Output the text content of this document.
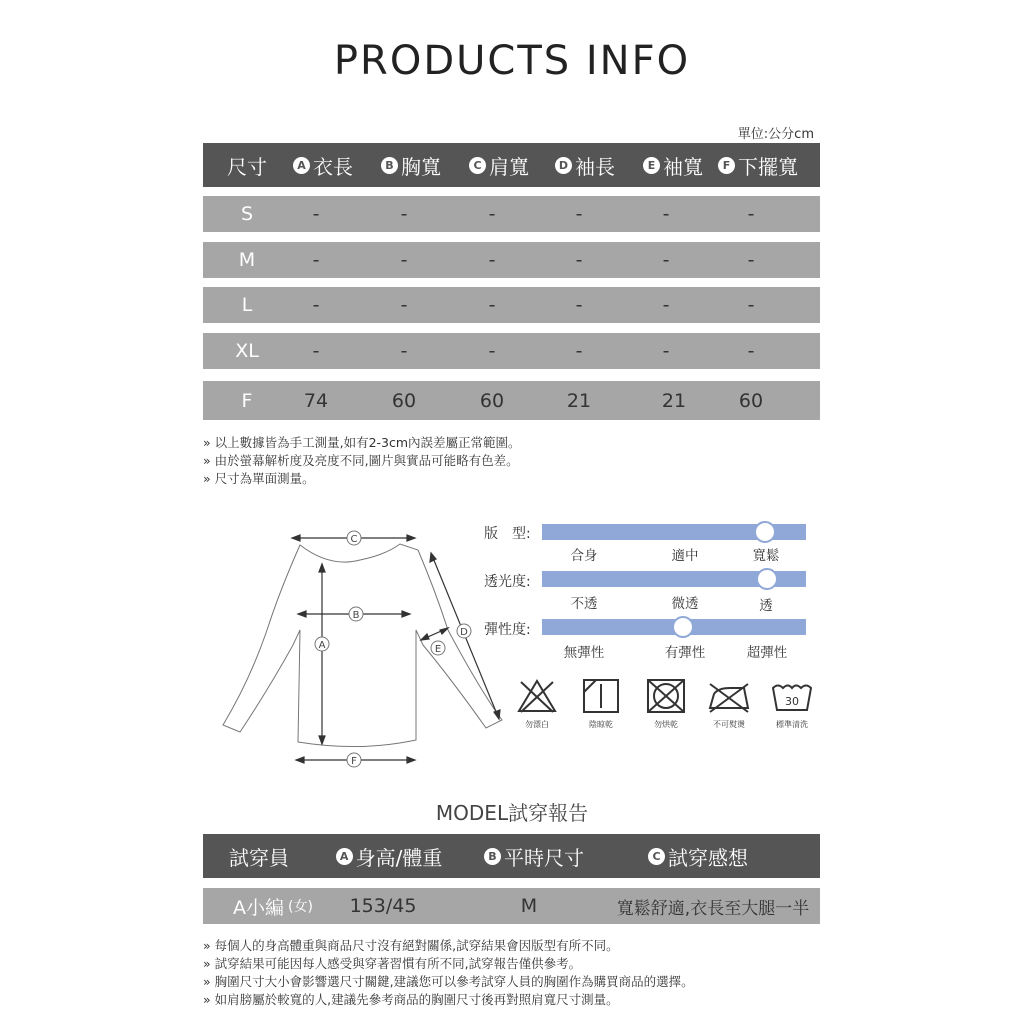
PRODUCTS INFO
單位:公分cm
尺寸	A 衣長	B 胸寬	C 肩寬	D 袖長	E 袖寬	F 下擺寬
S	-	-	-	-	-	-
M	-	-	-	-	-	-
L	-	-	-	-	-	-
XL	-	-	-	-	-	-
F	74	60	60	21	21	60
» 以上數據皆為手工測量,如有2-3cm內誤差屬正常範圍。
» 由於螢幕解析度及亮度不同,圖片與實品可能略有色差。
» 尺寸為單面測量。
C
B
A	E
D
F
版　型:
合身	適中	寬鬆
透光度:
不透	微透	透
彈性度:
無彈性	有彈性	超彈性
30
勿漂白	陰晾乾	勿烘乾	不可熨燙	標準清洗
MODEL試穿報告
試穿員	A 身高/體重	B 平時尺寸	C 試穿感想
A小編 (女)	153/45	M	寬鬆舒適,衣長至大腿一半
» 每個人的身高體重與商品尺寸沒有絕對關係,試穿結果會因版型有所不同。
» 試穿結果可能因每人感受與穿著習慣有所不同,試穿報告僅供參考。
» 胸圍尺寸大小會影響選尺寸關鍵,建議您可以參考試穿人員的胸圍作為購買商品的選擇。
» 如肩膀屬於較寬的人,建議先參考商品的胸圍尺寸後再對照肩寬尺寸測量。
